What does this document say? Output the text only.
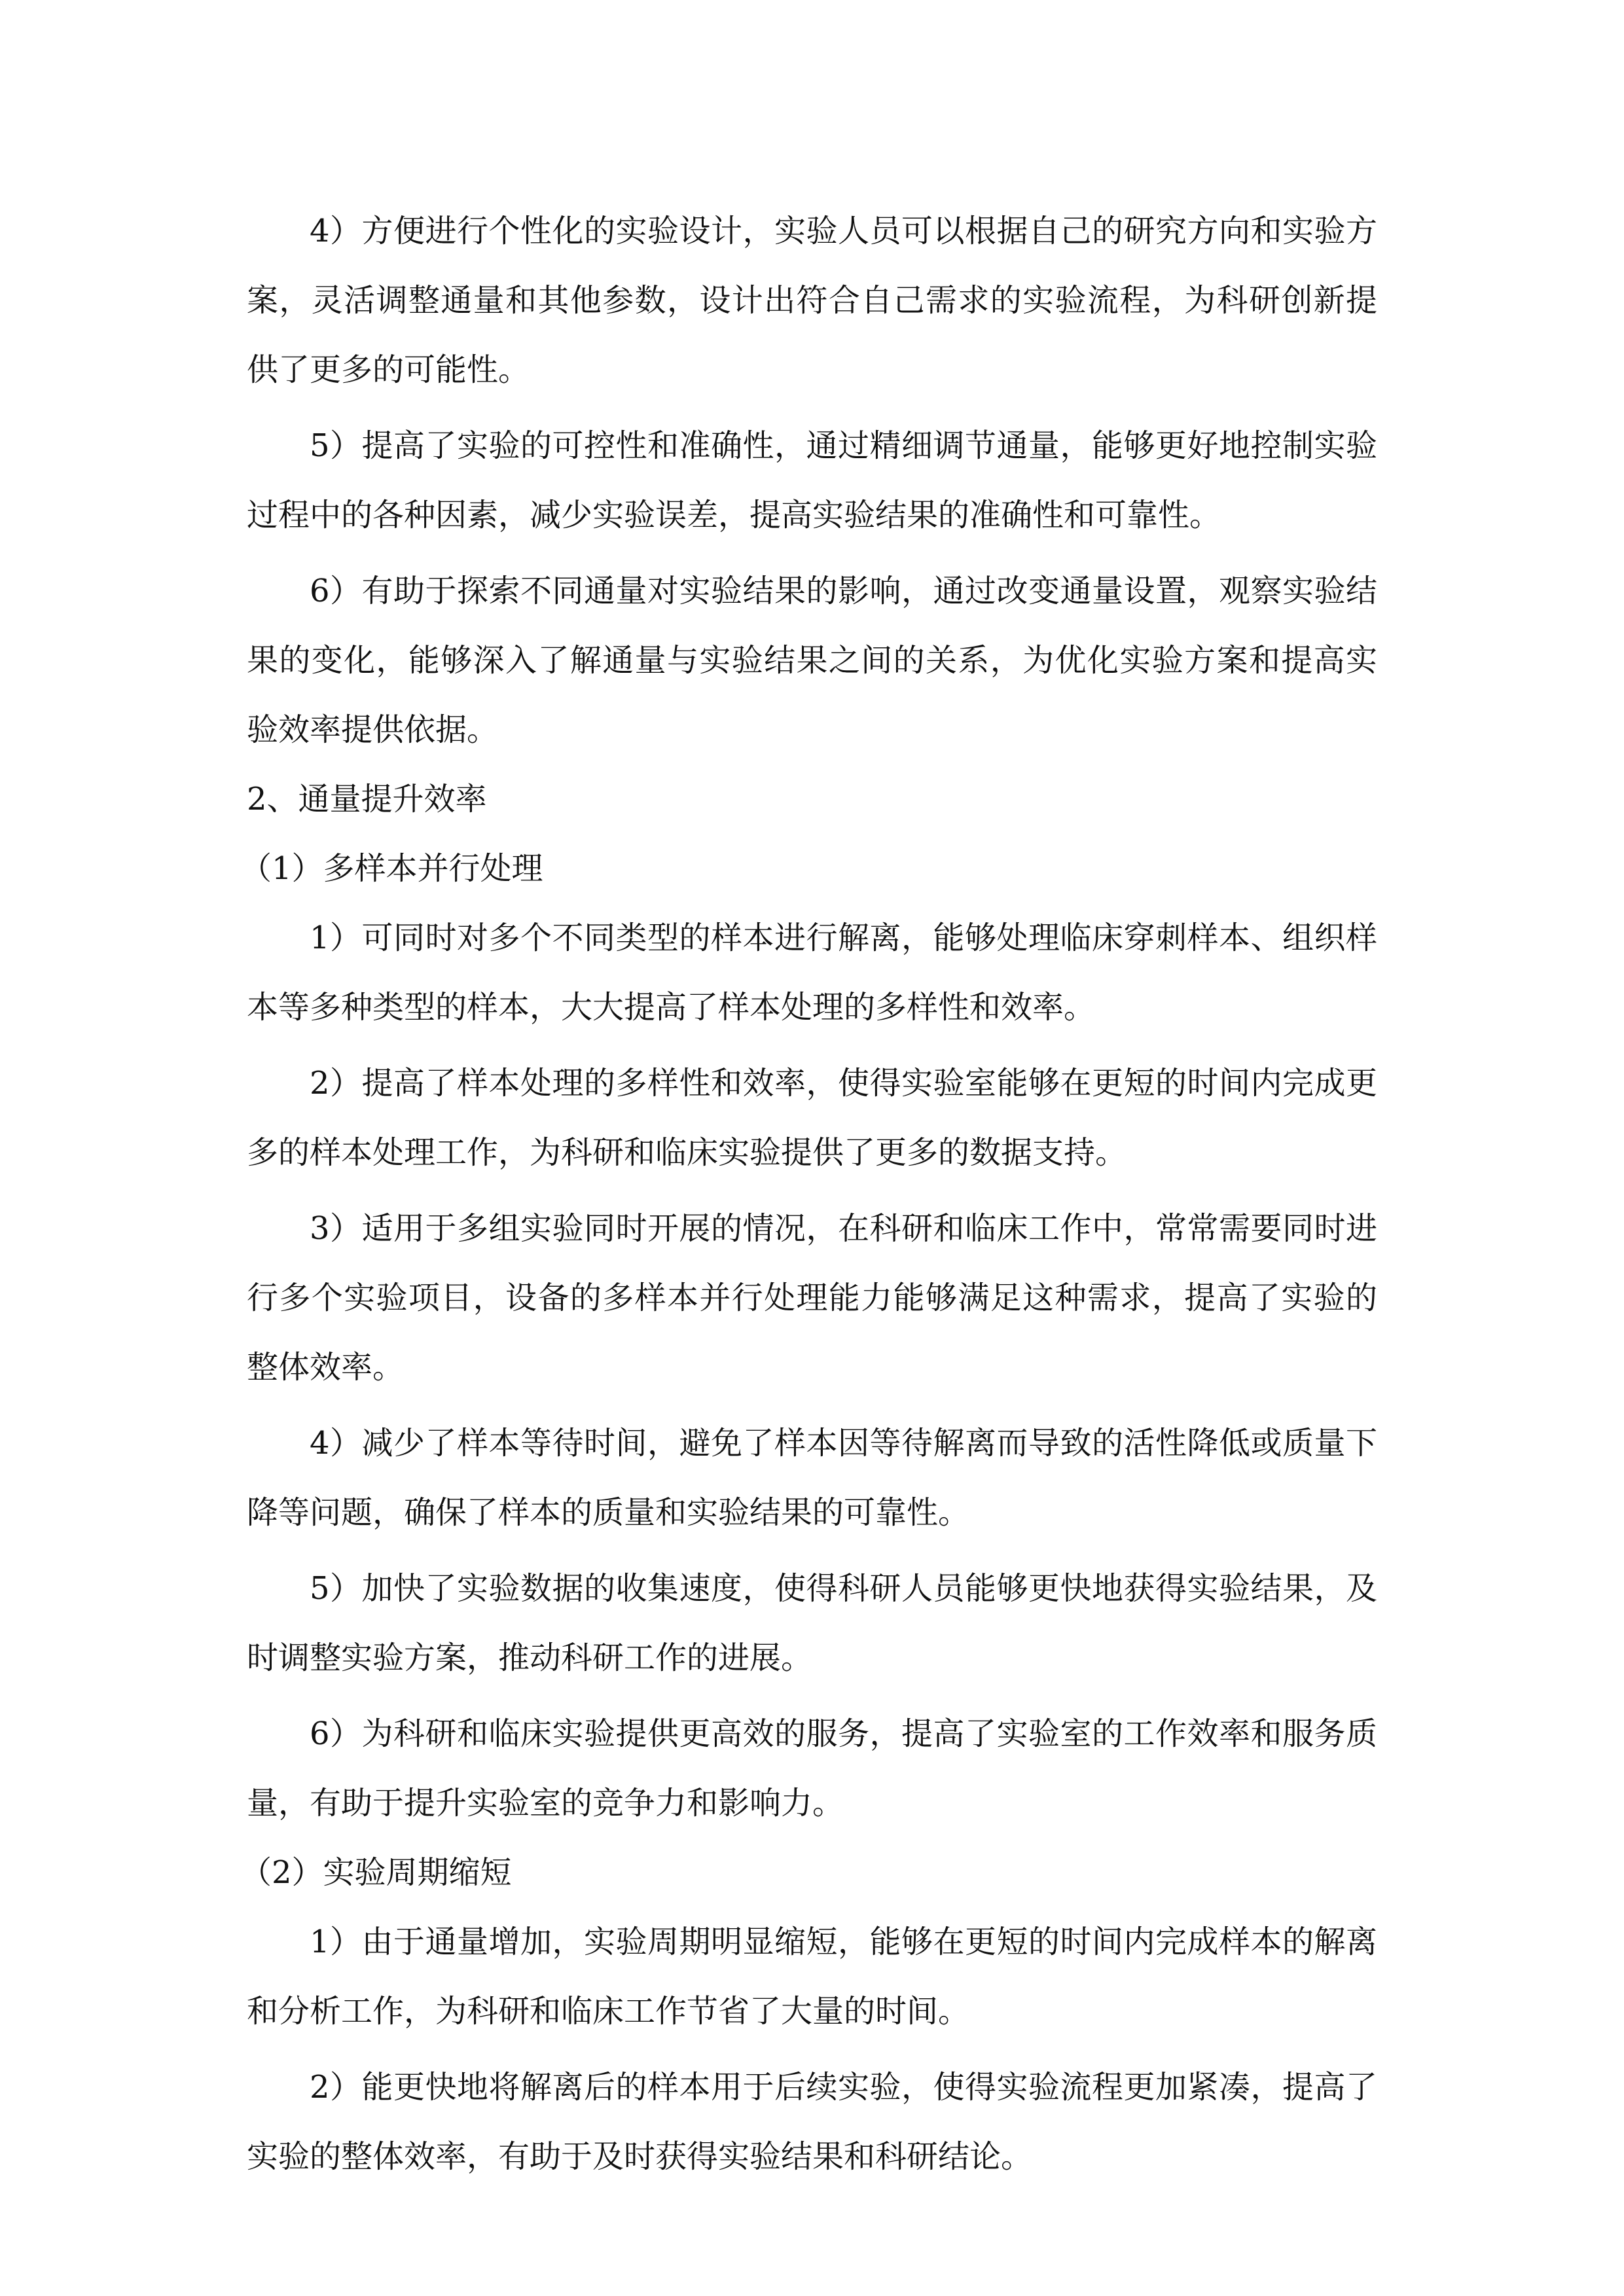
4）方便进行个性化的实验设计，实验人员可以根据自己的研究方向和实验方案，灵活调整通量和其他参数，设计出符合自己需求的实验流程，为科研创新提供了更多的可能性。

5）提高了实验的可控性和准确性，通过精细调节通量，能够更好地控制实验过程中的各种因素，减少实验误差，提高实验结果的准确性和可靠性。

6）有助于探索不同通量对实验结果的影响，通过改变通量设置，观察实验结果的变化，能够深入了解通量与实验结果之间的关系，为优化实验方案和提高实验效率提供依据。

2、通量提升效率

（1）多样本并行处理

1）可同时对多个不同类型的样本进行解离，能够处理临床穿刺样本、组织样本等多种类型的样本，大大提高了样本处理的多样性和效率。

2）提高了样本处理的多样性和效率，使得实验室能够在更短的时间内完成更多的样本处理工作，为科研和临床实验提供了更多的数据支持。

3）适用于多组实验同时开展的情况，在科研和临床工作中，常常需要同时进行多个实验项目，设备的多样本并行处理能力能够满足这种需求，提高了实验的整体效率。

4）减少了样本等待时间，避免了样本因等待解离而导致的活性降低或质量下降等问题，确保了样本的质量和实验结果的可靠性。

5）加快了实验数据的收集速度，使得科研人员能够更快地获得实验结果，及时调整实验方案，推动科研工作的进展。

6）为科研和临床实验提供更高效的服务，提高了实验室的工作效率和服务质量，有助于提升实验室的竞争力和影响力。

（2）实验周期缩短

1）由于通量增加，实验周期明显缩短，能够在更短的时间内完成样本的解离和分析工作，为科研和临床工作节省了大量的时间。

2）能更快地将解离后的样本用于后续实验，使得实验流程更加紧凑，提高了实验的整体效率，有助于及时获得实验结果和科研结论。
